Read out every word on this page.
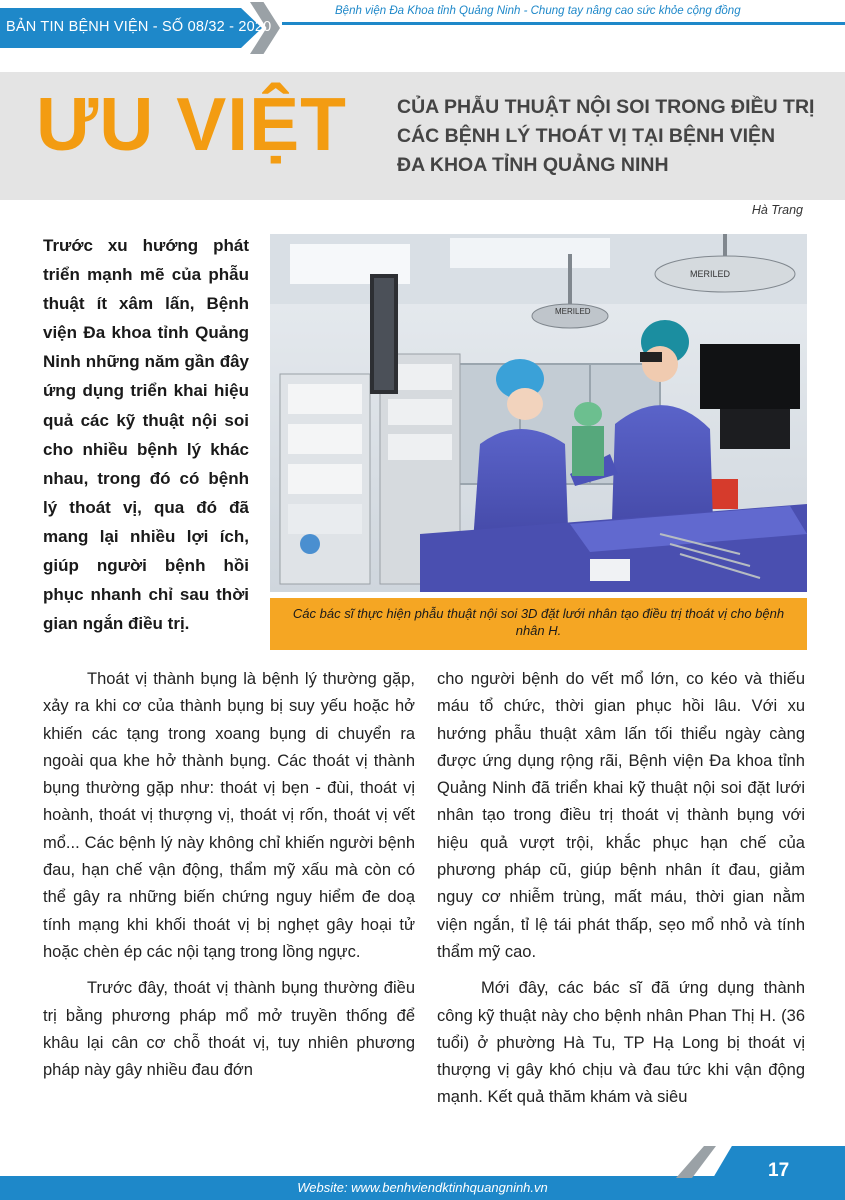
BẢN TIN BỆNH VIỆN - SỐ 08/32 - 2020
Bệnh viện Đa Khoa tỉnh Quảng Ninh - Chung tay nâng cao sức khỏe cộng đồng
ƯU VIỆT	CỦA PHẪU THUẬT NỘI SOI TRONG ĐIỀU TRỊ
CÁC BỆNH LÝ THOÁT VỊ TẠI BỆNH VIỆN
ĐA KHOA TỈNH QUẢNG NINH
Hà Trang
Trước xu hướng phát triển mạnh mẽ của phẫu thuật ít xâm lấn, Bệnh viện Đa khoa tỉnh Quảng Ninh những năm gần đây ứng dụng triển khai hiệu quả các kỹ thuật nội soi cho nhiều bệnh lý khác nhau, trong đó có bệnh lý thoát vị, qua đó đã mang lại nhiều lợi ích, giúp người bệnh hồi phục nhanh chỉ sau thời gian ngắn điều trị.
MERILED
MERILED
Các bác sĩ thực hiện phẫu thuật nội soi 3D đặt lưới nhân tạo điều trị thoát vị cho bệnh nhân H.

Thoát vị thành bụng là bệnh lý thường gặp, xảy ra khi cơ của thành bụng bị suy yếu hoặc hở khiến các tạng trong xoang bụng di chuyển ra ngoài qua khe hở thành bụng. Các thoát vị thành bụng thường gặp như: thoát vị bẹn - đùi, thoát vị hoành, thoát vị thượng vị, thoát vị rốn, thoát vị vết mổ... Các bệnh lý này không chỉ khiến người bệnh đau, hạn chế vận động, thẩm mỹ xấu mà còn có thể gây ra những biến chứng nguy hiểm đe doạ tính mạng khi khối thoát vị bị nghẹt gây hoại tử hoặc chèn ép các nội tạng trong lồng ngực.

Trước đây, thoát vị thành bụng thường điều trị bằng phương pháp mổ mở truyền thống để khâu lại cân cơ chỗ thoát vị, tuy nhiên phương pháp này gây nhiều đau đớn

cho người bệnh do vết mổ lớn, co kéo và thiếu máu tổ chức, thời gian phục hồi lâu. Với xu hướng phẫu thuật xâm lấn tối thiểu ngày càng được ứng dụng rộng rãi, Bệnh viện Đa khoa tỉnh Quảng Ninh đã triển khai kỹ thuật nội soi đặt lưới nhân tạo trong điều trị thoát vị thành bụng với hiệu quả vượt trội, khắc phục hạn chế của phương pháp cũ, giúp bệnh nhân ít đau, giảm nguy cơ nhiễm trùng, mất máu, thời gian nằm viện ngắn, tỉ lệ tái phát thấp, sẹo mổ nhỏ và tính thẩm mỹ cao.

Mới đây, các bác sĩ đã ứng dụng thành công kỹ thuật này cho bệnh nhân Phan Thị H. (36 tuổi) ở phường Hà Tu, TP Hạ Long bị thoát vị thượng vị gây khó chịu và đau tức khi vận động mạnh. Kết quả thăm khám và siêu

17
Website: www.benhviendktinhquangninh.vn
